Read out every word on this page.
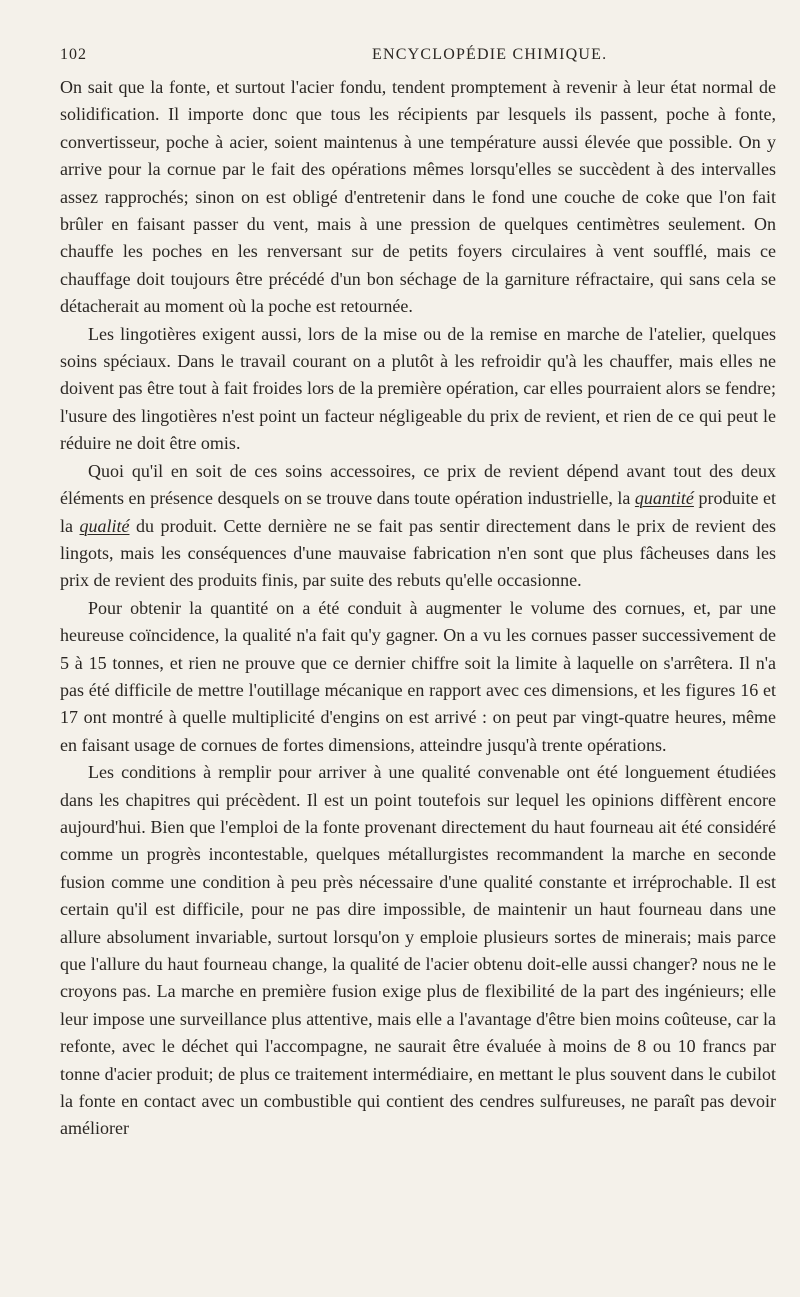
102	ENCYCLOPÉDIE CHIMIQUE.

On sait que la fonte, et surtout l'acier fondu, tendent promptement à revenir à leur état normal de solidification. Il importe donc que tous les récipients par lesquels ils passent, poche à fonte, convertisseur, poche à acier, soient maintenus à une température aussi élevée que possible. On y arrive pour la cornue par le fait des opérations mêmes lorsqu'elles se succèdent à des intervalles assez rapprochés; sinon on est obligé d'entretenir dans le fond une couche de coke que l'on fait brûler en faisant passer du vent, mais à une pression de quelques centimètres seulement. On chauffe les poches en les renversant sur de petits foyers circulaires à vent soufflé, mais ce chauffage doit toujours être précédé d'un bon séchage de la garniture réfractaire, qui sans cela se détacherait au moment où la poche est retournée.

Les lingotières exigent aussi, lors de la mise ou de la remise en marche de l'atelier, quelques soins spéciaux. Dans le travail courant on a plutôt à les refroidir qu'à les chauffer, mais elles ne doivent pas être tout à fait froides lors de la première opération, car elles pourraient alors se fendre; l'usure des lingotières n'est point un facteur négligeable du prix de revient, et rien de ce qui peut le réduire ne doit être omis.

Quoi qu'il en soit de ces soins accessoires, ce prix de revient dépend avant tout des deux éléments en présence desquels on se trouve dans toute opération industrielle, la quantité produite et la qualité du produit. Cette dernière ne se fait pas sentir directement dans le prix de revient des lingots, mais les conséquences d'une mauvaise fabrication n'en sont que plus fâcheuses dans les prix de revient des produits finis, par suite des rebuts qu'elle occasionne.

Pour obtenir la quantité on a été conduit à augmenter le volume des cornues, et, par une heureuse coïncidence, la qualité n'a fait qu'y gagner. On a vu les cornues passer successivement de 5 à 15 tonnes, et rien ne prouve que ce dernier chiffre soit la limite à laquelle on s'arrêtera. Il n'a pas été difficile de mettre l'outillage mécanique en rapport avec ces dimensions, et les figures 16 et 17 ont montré à quelle multiplicité d'engins on est arrivé : on peut par vingt-quatre heures, même en faisant usage de cornues de fortes dimensions, atteindre jusqu'à trente opérations.

Les conditions à remplir pour arriver à une qualité convenable ont été longuement étudiées dans les chapitres qui précèdent. Il est un point toutefois sur lequel les opinions diffèrent encore aujourd'hui. Bien que l'emploi de la fonte provenant directement du haut fourneau ait été considéré comme un progrès incontestable, quelques métallurgistes recommandent la marche en seconde fusion comme une condition à peu près nécessaire d'une qualité constante et irréprochable. Il est certain qu'il est difficile, pour ne pas dire impossible, de maintenir un haut fourneau dans une allure absolument invariable, surtout lorsqu'on y emploie plusieurs sortes de minerais; mais parce que l'allure du haut fourneau change, la qualité de l'acier obtenu doit-elle aussi changer? nous ne le croyons pas. La marche en première fusion exige plus de flexibilité de la part des ingénieurs; elle leur impose une surveillance plus attentive, mais elle a l'avantage d'être bien moins coûteuse, car la refonte, avec le déchet qui l'accompagne, ne saurait être évaluée à moins de 8 ou 10 francs par tonne d'acier produit; de plus ce traitement intermédiaire, en mettant le plus souvent dans le cubilot la fonte en contact avec un combustible qui contient des cendres sulfureuses, ne paraît pas devoir améliorer
